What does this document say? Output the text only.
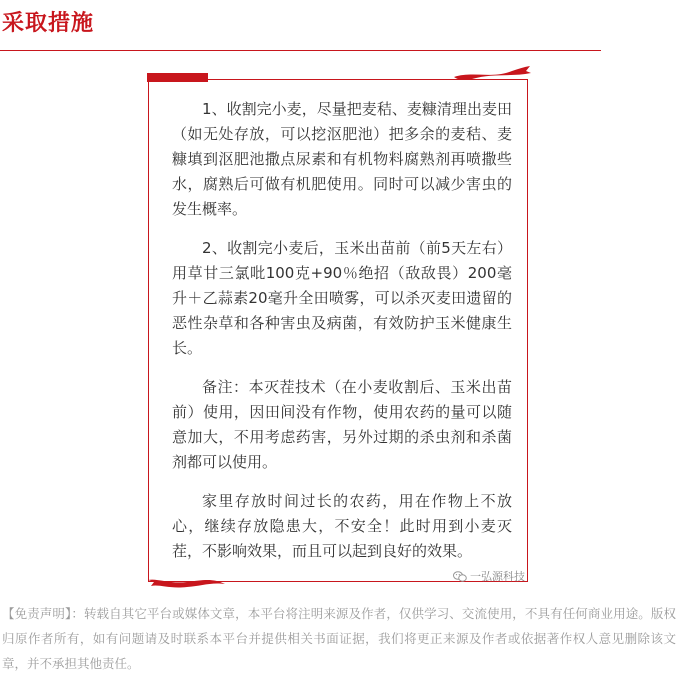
采取措施

1、收割完小麦，尽量把麦秸、麦糠清理出麦田（如无处存放，可以挖沤肥池）把多余的麦秸、麦糠填到沤肥池撒点尿素和有机物料腐熟剂再喷撒些水，腐熟后可做有机肥使用。同时可以减少害虫的发生概率。

2、收割完小麦后，玉米出苗前（前5天左右）用草甘三氯吡100克+90％绝招（敌敌畏）200毫升＋乙蒜素20毫升全田喷雾，可以杀灭麦田遗留的恶性杂草和各种害虫及病菌，有效防护玉米健康生长。

备注：本灭茬技术（在小麦收割后、玉米出苗前）使用，因田间没有作物，使用农药的量可以随意加大，不用考虑药害，另外过期的杀虫剂和杀菌剂都可以使用。

家里存放时间过长的农药，用在作物上不放心，继续存放隐患大，不安全！此时用到小麦灭茬，不影响效果，而且可以起到良好的效果。

一弘源科技
【免责声明】：转载自其它平台或媒体文章，本平台将注明来源及作者，仅供学习、交流使用，不具有任何商业用途。版权归原作者所有，如有问题请及时联系本平台并提供相关书面证据，我们将更正来源及作者或依据著作权人意见删除该文章，并不承担其他责任。
